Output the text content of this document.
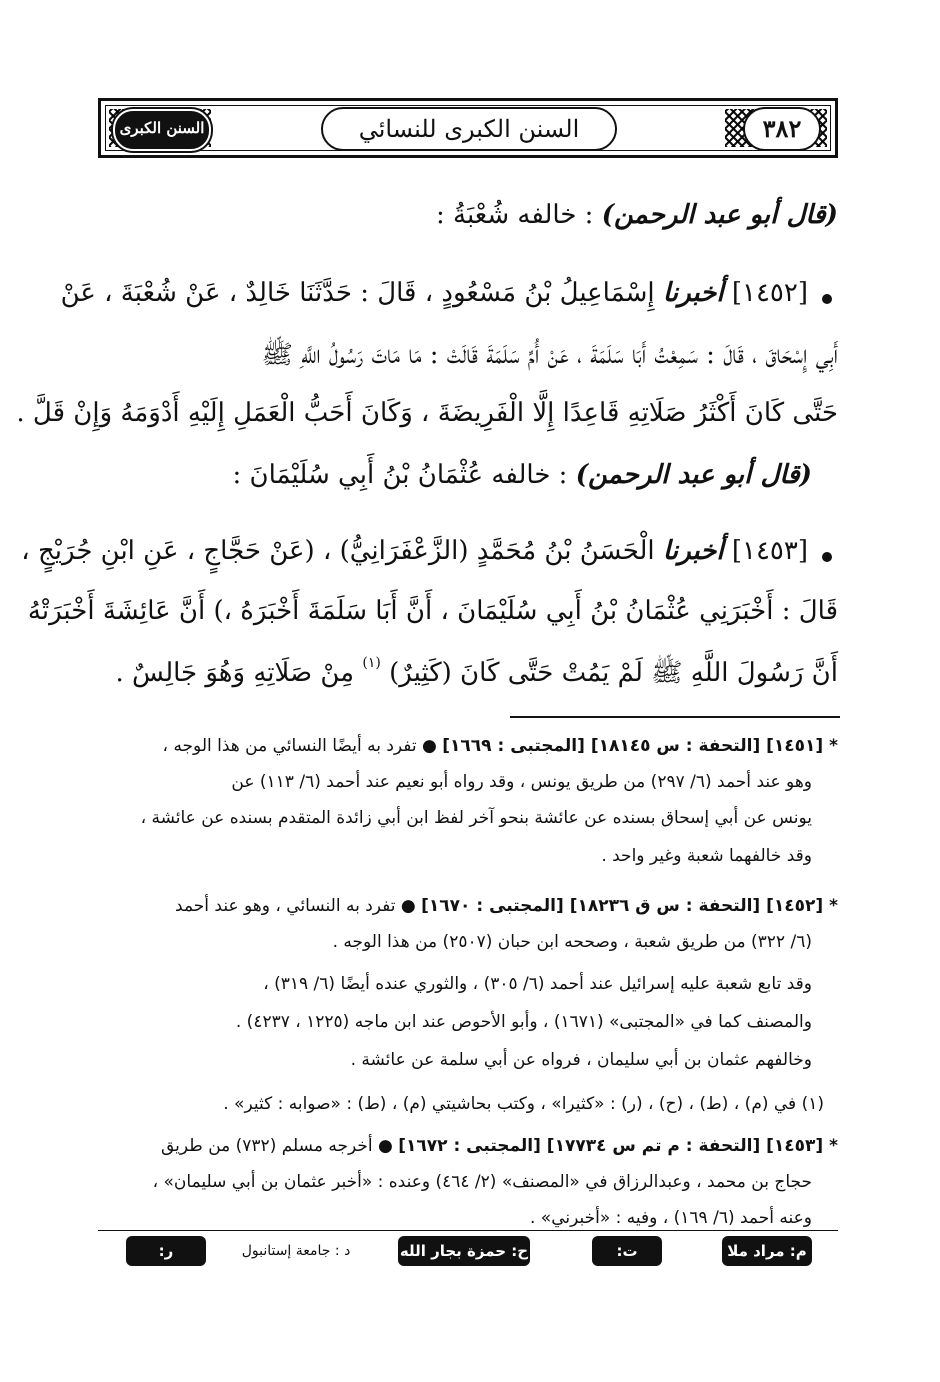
السنن الكبرى	السنن الكبرى للنسائي	٣٨٢
(قال أبو عبد الرحمن) : خالفه شُعْبَةُ :
[١٤٥٢] أخبرنا إِسْمَاعِيلُ بْنُ مَسْعُودٍ ، قَالَ : حَدَّثَنَا خَالِدٌ ، عَنْ شُعْبَةَ ، عَنْ
أَبِي إِسْحَاقَ ، قَالَ : سَمِعْتُ أَبَا سَلَمَةَ ، عَنْ أُمِّ سَلَمَةَ قَالَتْ : مَا مَاتَ رَسُولُ اللَّهِ ﷺ
حَتَّى كَانَ أَكْثَرُ صَلَاتِهِ قَاعِدًا إِلَّا الْفَرِيضَةَ ، وَكَانَ أَحَبُّ الْعَمَلِ إِلَيْهِ أَدْوَمَهُ وَإِنْ قَلَّ .
(قال أبو عبد الرحمن) : خالفه عُثْمَانُ بْنُ أَبِي سُلَيْمَانَ :
[١٤٥٣] أخبرنا الْحَسَنُ بْنُ مُحَمَّدٍ (الزَّعْفَرَانِيُّ) ، (عَنْ حَجَّاجٍ ، عَنِ ابْنِ جُرَيْجٍ ،
قَالَ : أَخْبَرَنِي عُثْمَانُ بْنُ أَبِي سُلَيْمَانَ ، أَنَّ أَبَا سَلَمَةَ أَخْبَرَهُ ،) أَنَّ عَائِشَةَ أَخْبَرَتْهُ
أَنَّ رَسُولَ اللَّهِ ﷺ لَمْ يَمُتْ حَتَّى كَانَ (كَثِيرٌ) $^{(١)}$ مِنْ صَلَاتِهِ وَهُوَ جَالِسٌ .
* [١٤٥١] [التحفة : س ١٨١٤٥] [المجتبى : ١٦٦٩] ● تفرد به أيضًا النسائي من هذا الوجه ،
وهو عند أحمد (٦/ ٢٩٧) من طريق يونس ، وقد رواه أبو نعيم عند أحمد (٦/ ١١٣) عن
يونس عن أبي إسحاق بسنده عن عائشة بنحو آخر لفظ ابن أبي زائدة المتقدم بسنده عن عائشة ،
وقد خالفهما شعبة وغير واحد .
* [١٤٥٢] [التحفة : س ق ١٨٢٣٦] [المجتبى : ١٦٧٠] ● تفرد به النسائي ، وهو عند أحمد
(٦/ ٣٢٢) من طريق شعبة ، وصححه ابن حبان (٢٥٠٧) من هذا الوجه .
وقد تابع شعبة عليه إسرائيل عند أحمد (٦/ ٣٠٥) ، والثوري عنده أيضًا (٦/ ٣١٩) ،
والمصنف كما في «المجتبى» (١٦٧١) ، وأبو الأحوص عند ابن ماجه (١٢٢٥ ، ٤٢٣٧) .
وخالفهم عثمان بن أبي سليمان ، فرواه عن أبي سلمة عن عائشة .
(١) في (م) ، (ط) ، (ح) ، (ر) : «كثيرا» ، وكتب بحاشيتي (م) ، (ط) : «صوابه : كثير» .
* [١٤٥٣] [التحفة : م تم س ١٧٧٣٤] [المجتبى : ١٦٧٢] ● أخرجه مسلم (٧٣٢) من طريق
حجاج بن محمد ، وعبدالرزاق في «المصنف» (٢/ ٤٦٤) وعنده : «أخبر عثمان بن أبي سليمان» ،
وعنه أحمد (٦/ ١٦٩) ، وفيه : «أخبرني» .
ر: الظاهرية
د : جامعة إستانبول	ح: حمزة بجار الله	ت: تطوان
م: مراد ملا
